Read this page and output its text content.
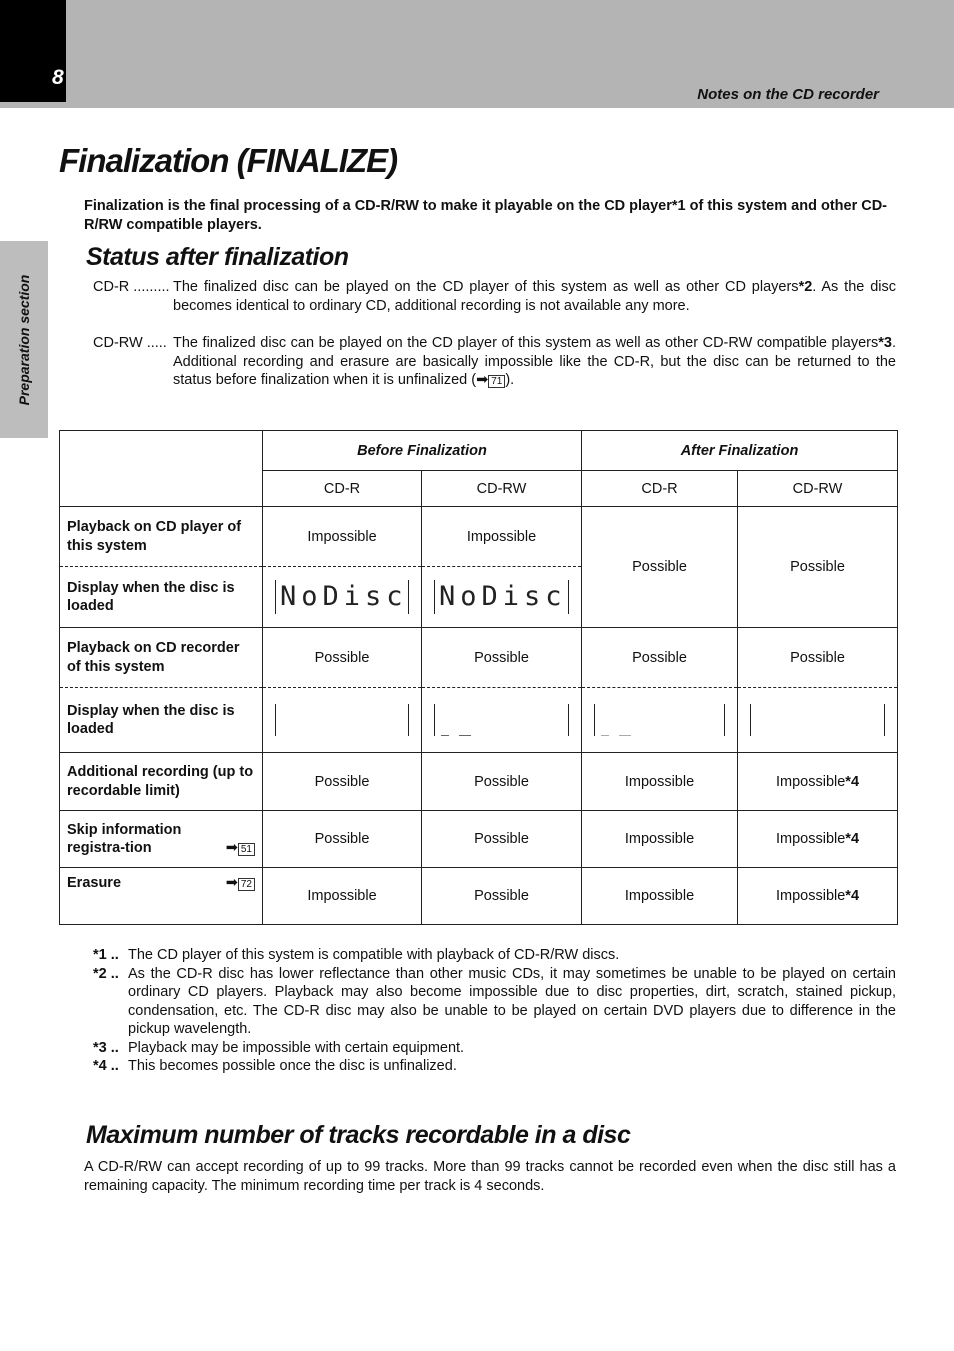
8
Notes on the CD recorder
Preparation section
Finalization (FINALIZE)
Finalization is the final processing of a CD-R/RW to make it playable on the CD player*1 of this system and other CD-R/RW compatible players.
Status after finalization
CD-R ......... The finalized disc can be played on the CD player of this system as well as other CD players*2. As the disc becomes identical to ordinary CD, additional recording is not available any more.
CD-RW ..... The finalized disc can be played on the CD player of this system as well as other CD-RW compatible players*3. Additional recording and erasure are basically impossible like the CD-R, but the disc can be returned to the status before finalization when it is unfinalized (➡ 71 ).
	Before Finalization		After Finalization	
	CD-R	CD-RW	CD-R	CD-RW
Playback on CD player of this system	Impossible	Impossible	Possible	Possible
Display when the disc is loaded	NoDisc	NoDisc		

Playback on CD recorder of this system	Possible	Possible	Possible	Possible
Display when the disc is loaded	

Additional recording (up to recordable limit)	Possible	Possible	Impossible	Impossible*4

Skip information registra-tion ➡ 51	Possible	Possible	Impossible	Impossible*4

Erasure ➡ 72	Impossible	Possible	Impossible	Impossible*4
*1 .. The CD player of this system is compatible with playback of CD-R/RW discs.
*2 .. As the CD-R disc has lower reflectance than other music CDs, it may sometimes be unable to be played on certain ordinary CD players. Playback may also become impossible due to disc properties, dirt, scratch, stained pickup, condensation, etc. The CD-R disc may also be unable to be played on certain DVD players due to difference in the pickup wavelength.
*3 .. Playback may be impossible with certain equipment.
*4 .. This becomes possible once the disc is unfinalized.
Maximum number of tracks recordable in a disc
A CD-R/RW can accept recording of up to 99 tracks. More than 99 tracks cannot be recorded even when the disc still has a remaining capacity. The minimum recording time per track is 4 seconds.
